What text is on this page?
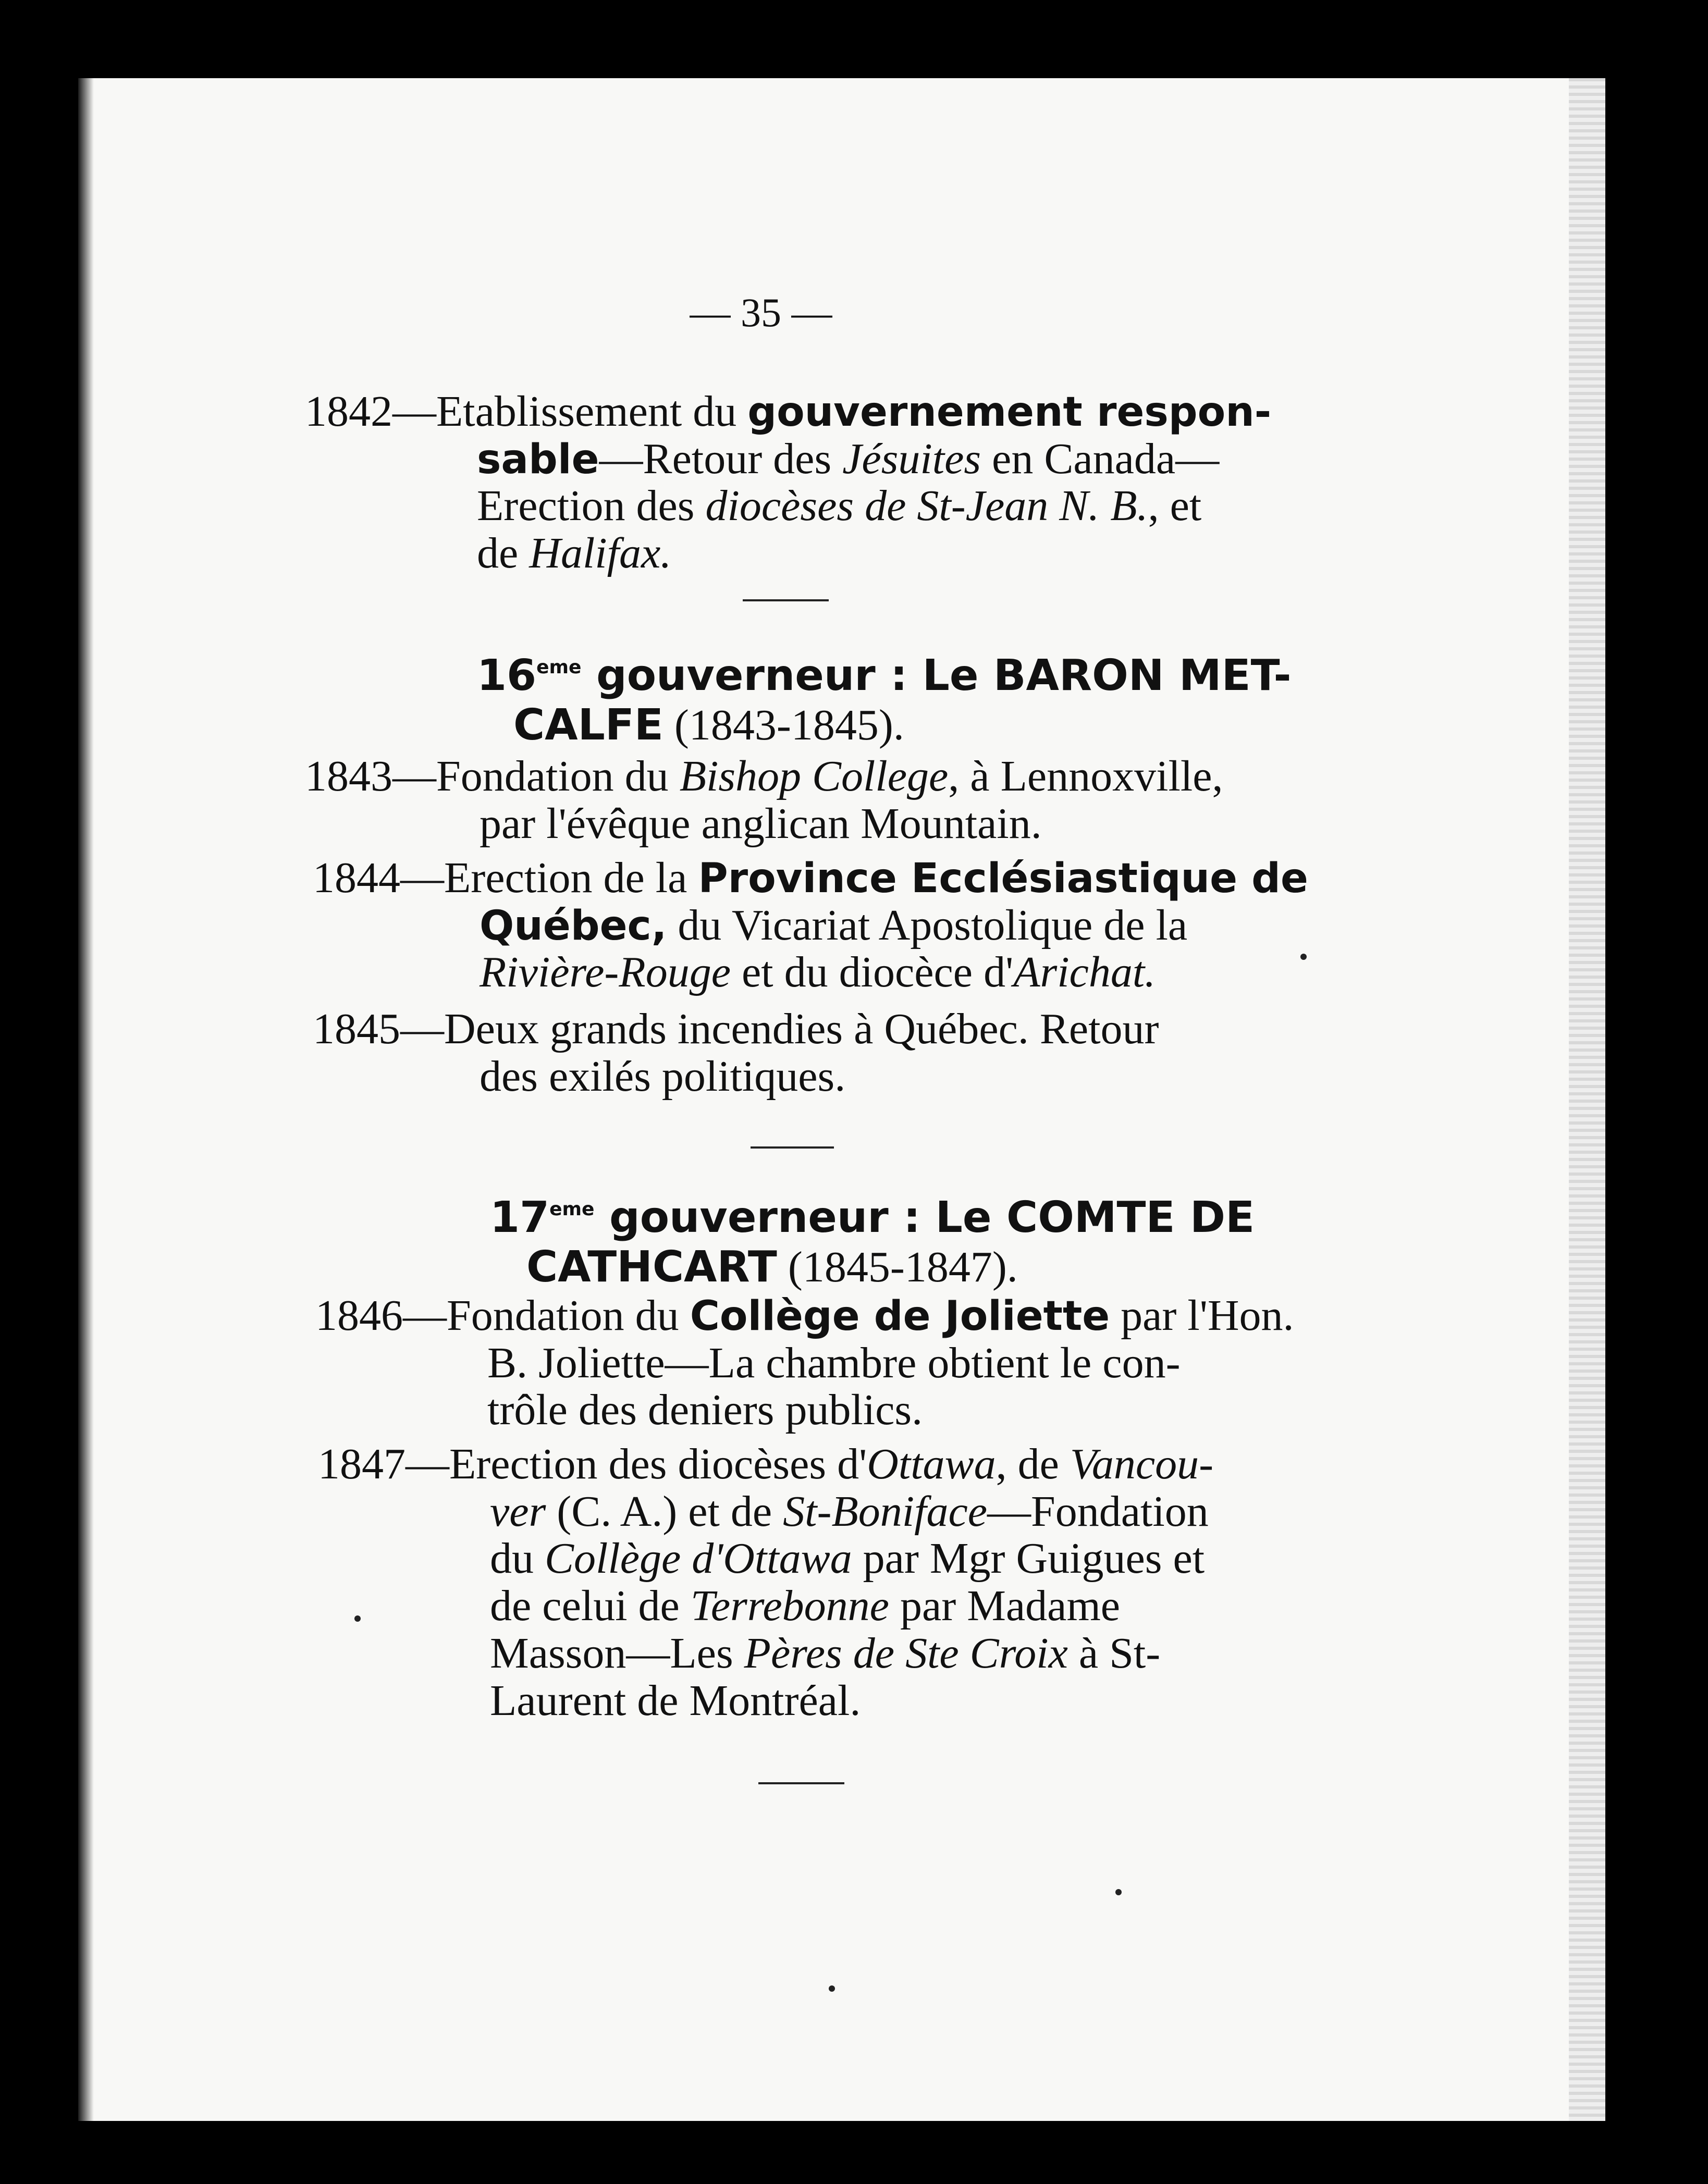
— 35 —
1842—Etablissement du gouvernement respon-
sable—Retour des Jésuites en Canada—
Erection des diocèses de St-Jean N. B., et
de Halifax.
16eme gouverneur : Le BARON MET-
CALFE (1843-1845).
1843—Fondation du Bishop College, à Lennoxville,
par l'évêque anglican Mountain.
1844—Erection de la Province Ecclésiastique de
Québec, du Vicariat Apostolique de la
Rivière-Rouge et du diocèce d'Arichat.
1845—Deux grands incendies à Québec. Retour
des exilés politiques.
17eme gouverneur : Le COMTE DE
CATHCART (1845-1847).
1846—Fondation du Collège de Joliette par l'Hon.
B. Joliette—La chambre obtient le con-
trôle des deniers publics.
1847—Erection des diocèses d'Ottawa, de Vancou-
ver (C. A.) et de St-Boniface—Fondation
du Collège d'Ottawa par Mgr Guigues et
de celui de Terrebonne par Madame
Masson—Les Pères de Ste Croix à St-
Laurent de Montréal.
